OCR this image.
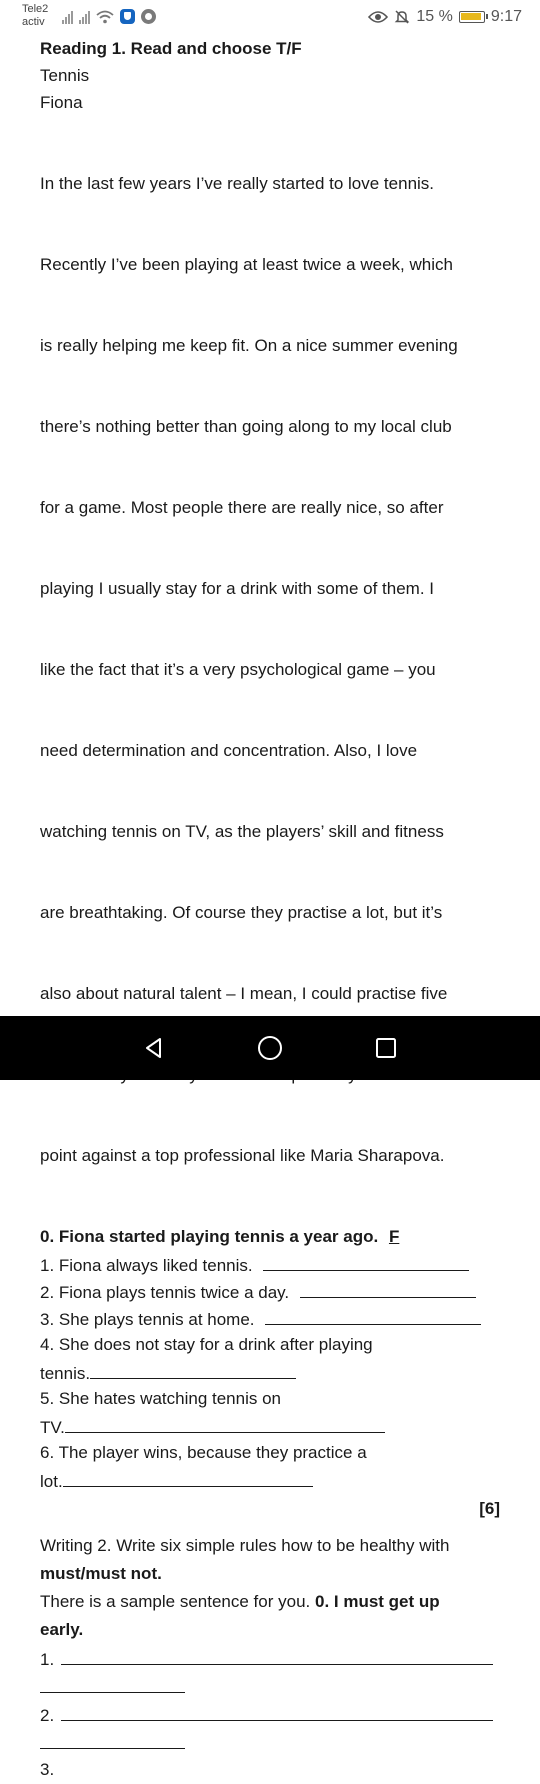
Tele2
activ	15 % 9:17
Reading 1. Read and choose T/F
Tennis
Fiona

In the last few years I’ve really started to love tennis.

Recently I’ve been playing at least twice a week, which

is really helping me keep fit. On a nice summer evening

there’s nothing better than going along to my local club

for a game. Most people there are really nice, so after

playing I usually stay for a drink with some of them. I

like the fact that it’s a very psychological game – you

need determination and concentration. Also, I love

watching tennis on TV, as the players’ skill and fitness

are breathtaking. Of course they practise a lot, but it’s

also about natural talent – I mean, I could practise five

point against a top professional like Maria Sharapova.

0. Fiona started playing tennis a year ago. F
1. Fiona always liked tennis.
2. Fiona plays tennis twice a day.
3. She plays tennis at home.
4. She does not stay for a drink after playing
tennis.
5. She hates watching tennis on
TV.
6. The player wins, because they practice a
lot.
[6]
Writing 2. Write six simple rules how to be healthy with
must/must not.
There is a sample sentence for you. 0. I must get up
early.
1.
2.
3.
